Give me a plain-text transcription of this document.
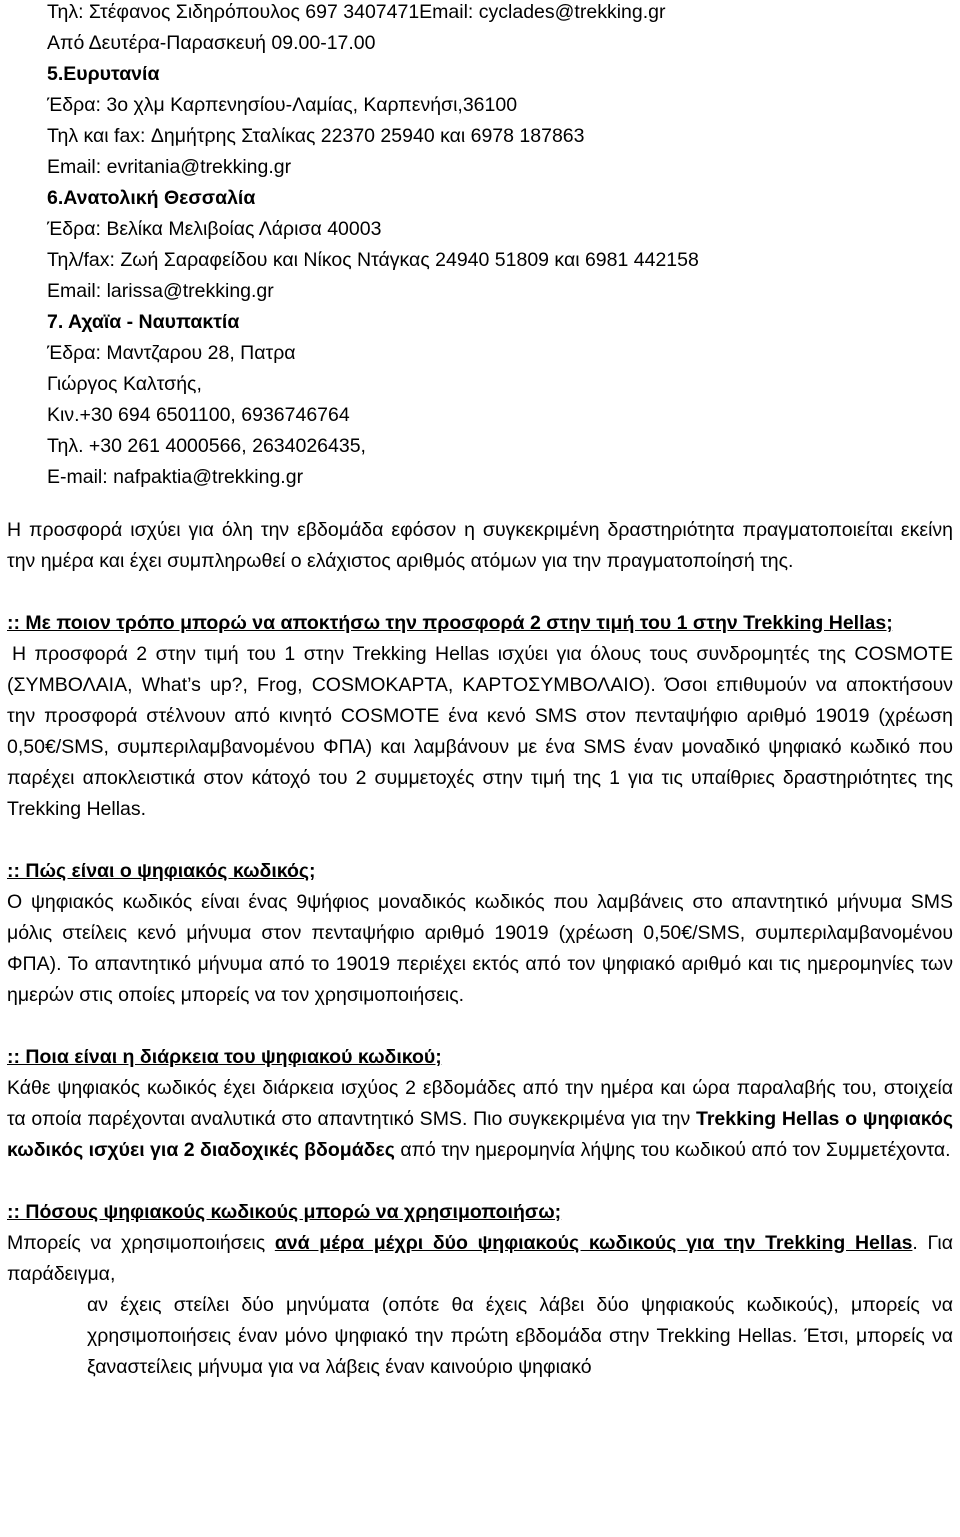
Τηλ: Στέφανος Σιδηρόπουλος 697 3407471Email: cyclades@trekking.gr

Από Δευτέρα-Παρασκευή 09.00-17.00

5.Ευρυτανία

Έδρα: 3ο χλμ Καρπενησίου-Λαμίας, Καρπενήσι,36100

Τηλ και fax: Δημήτρης Σταλίκας 22370 25940 και 6978 187863

Email: evritania@trekking.gr

6.Ανατολική Θεσσαλία

Έδρα: Βελίκα Μελιβοίας Λάρισα 40003

Τηλ/fax: Ζωή Σαραφείδου και Νίκος Ντάγκας 24940 51809 και 6981 442158

Email: larissa@trekking.gr

7. Αχαϊα - Ναυπακτία

Έδρα: Μαντζαρου 28, Πατρα

Γιώργος Καλτσής,

Κιν.+30 694 6501100, 6936746764

Τηλ. +30 261 4000566, 2634026435,

E-mail: nafpaktia@trekking.gr

Η προσφορά ισχύει για όλη την εβδομάδα εφόσον η συγκεκριμένη δραστηριότητα πραγματοποιείται εκείνη την ημέρα και έχει συμπληρωθεί ο ελάχιστος αριθμός ατόμων για την πραγματοποίησή της.

:: Με ποιον τρόπο μπορώ να αποκτήσω την προσφορά 2 στην τιμή του 1 στην Trekking Hellas;

Η προσφορά 2 στην τιμή του 1 στην Trekking Hellas ισχύει για όλους τους συνδρομητές της COSMOTE (ΣΥΜΒΟΛΑΙΑ, What’s up?, Frog, COSMOΚΑΡΤΑ, ΚΑΡΤΟΣΥΜΒΟΛΑΙΟ). Όσοι επιθυμούν να αποκτήσουν την προσφορά στέλνουν από κινητό COSMOTE ένα κενό SMS στον πενταψήφιο αριθμό 19019 (χρέωση 0,50€/SMS, συμπεριλαμβανομένου ΦΠΑ) και λαμβάνουν με ένα SMS έναν μοναδικό ψηφιακό κωδικό που παρέχει αποκλειστικά στον κάτοχό του 2 συμμετοχές στην τιμή της 1 για τις υπαίθριες δραστηριότητες της Trekking Hellas.

:: Πώς είναι ο ψηφιακός κωδικός;

Ο ψηφιακός κωδικός είναι ένας 9ψήφιος μοναδικός κωδικός που λαμβάνεις στο απαντητικό μήνυμα SMS μόλις στείλεις κενό μήνυμα στον πενταψήφιο αριθμό 19019 (χρέωση 0,50€/SMS, συμπεριλαμβανομένου ΦΠΑ). Το απαντητικό μήνυμα από το 19019 περιέχει εκτός από τον ψηφιακό αριθμό και τις ημερομηνίες των ημερών στις οποίες μπορείς να τον χρησιμοποιήσεις.

:: Ποια είναι η διάρκεια του ψηφιακού κωδικού;

Κάθε ψηφιακός κωδικός έχει διάρκεια ισχύος 2 εβδομάδες από την ημέρα και ώρα παραλαβής του, στοιχεία τα οποία παρέχονται αναλυτικά στο απαντητικό SMS. Πιο συγκεκριμένα για την Trekking Hellas ο ψηφιακός κωδικός ισχύει για 2 διαδοχικές βδομάδες από την ημερομηνία λήψης του κωδικού από τον Συμμετέχοντα.

:: Πόσους ψηφιακούς κωδικούς μπορώ να χρησιμοποιήσω;

Μπορείς να χρησιμοποιήσεις ανά μέρα μέχρι δύο ψηφιακούς κωδικούς για την Trekking Hellas. Για παράδειγμα,

αν έχεις στείλει δύο μηνύματα (οπότε θα έχεις λάβει δύο ψηφιακούς κωδικούς), μπορείς να χρησιμοποιήσεις έναν μόνο ψηφιακό την πρώτη εβδομάδα στην Trekking Hellas. Έτσι, μπορείς να ξαναστείλεις μήνυμα για να λάβεις έναν καινούριο ψηφιακό
